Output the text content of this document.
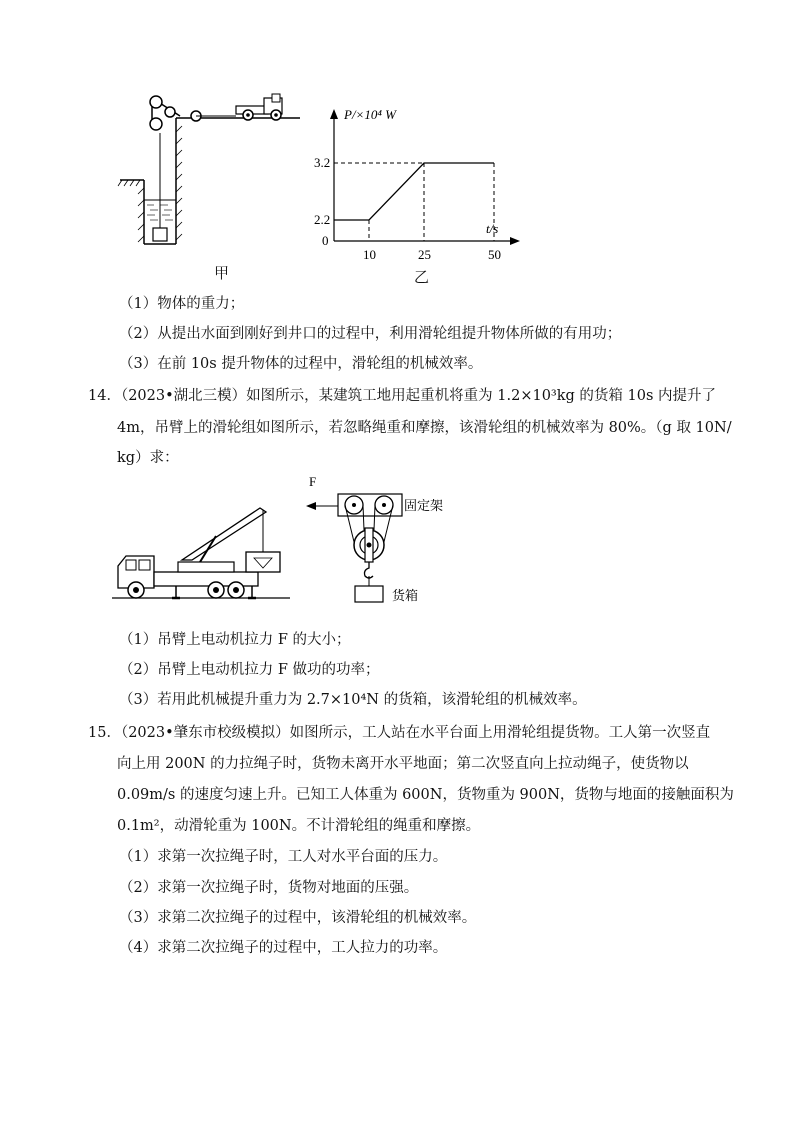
甲
3.2
2.2
0
10	25	50
P/×10⁴ W
t/s
乙
（1）物体的重力；
（2）从提出水面到刚好到井口的过程中，利用滑轮组提升物体所做的有用功；
（3）在前 10s 提升物体的过程中，滑轮组的机械效率。
14．（2023•湖北三模）如图所示，某建筑工地用起重机将重为 1.2×10³kg 的货箱 10s 内提升了
4m，吊臂上的滑轮组如图所示，若忽略绳重和摩擦，该滑轮组的机械效率为 80%。（g 取 10N/
kg）求：
F
固定架
货箱
（1）吊臂上电动机拉力 F 的大小；
（2）吊臂上电动机拉力 F 做功的功率；
（3）若用此机械提升重力为 2.7×10⁴N 的货箱，该滑轮组的机械效率。
15．（2023•肇东市校级模拟）如图所示，工人站在水平台面上用滑轮组提货物。工人第一次竖直
向上用 200N 的力拉绳子时，货物未离开水平地面；第二次竖直向上拉动绳子，使货物以
0.09m/s 的速度匀速上升。已知工人体重为 600N，货物重为 900N，货物与地面的接触面积为
0.1m²，动滑轮重为 100N。不计滑轮组的绳重和摩擦。
（1）求第一次拉绳子时，工人对水平台面的压力。
（2）求第一次拉绳子时，货物对地面的压强。
（3）求第二次拉绳子的过程中，该滑轮组的机械效率。
（4）求第二次拉绳子的过程中，工人拉力的功率。
